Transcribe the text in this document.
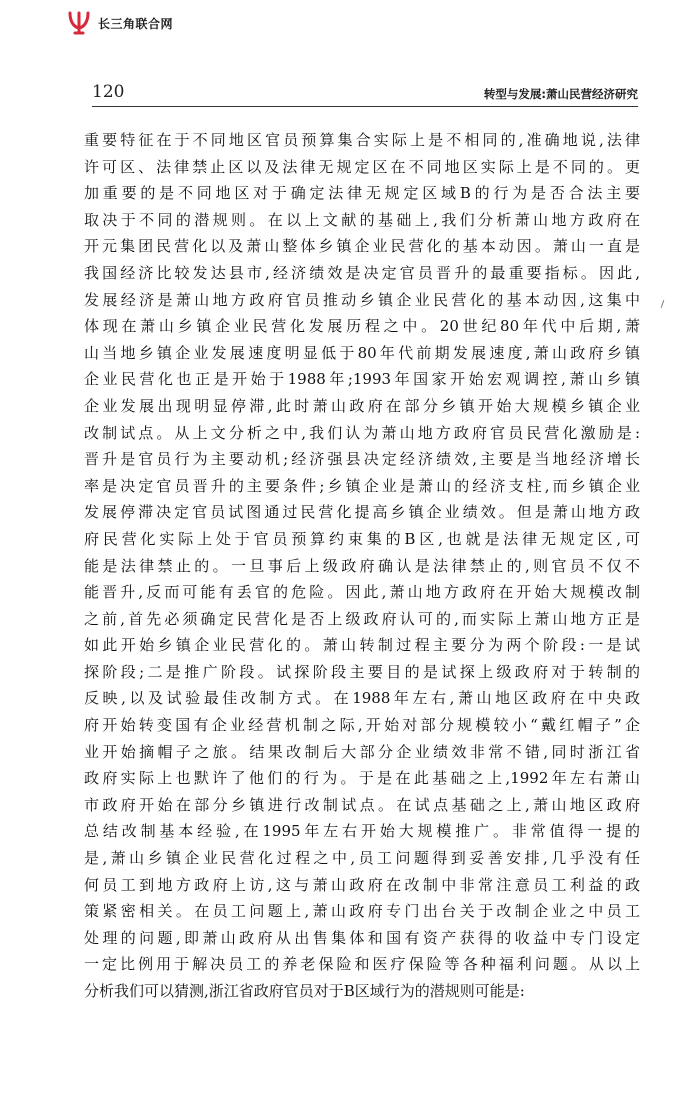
长三角联合网
120	转型与发展:萧山民营经济研究

重要特征在于不同地区官员预算集合实际上是不相同的,准确地说,法律
许可区、法律禁止区以及法律无规定区在不同地区实际上是不同的。更
加重要的是不同地区对于确定法律无规定区域B的行为是否合法主要
取决于不同的潜规则。在以上文献的基础上,我们分析萧山地方政府在
开元集团民营化以及萧山整体乡镇企业民营化的基本动因。萧山一直是
我国经济比较发达县市,经济绩效是决定官员晋升的最重要指标。因此,
发展经济是萧山地方政府官员推动乡镇企业民营化的基本动因,这集中
体现在萧山乡镇企业民营化发展历程之中。20世纪80年代中后期,萧
山当地乡镇企业发展速度明显低于80年代前期发展速度,萧山政府乡镇
企业民营化也正是开始于1988年;1993年国家开始宏观调控,萧山乡镇
企业发展出现明显停滞,此时萧山政府在部分乡镇开始大规模乡镇企业
改制试点。从上文分析之中,我们认为萧山地方政府官员民营化激励是:
晋升是官员行为主要动机;经济强县决定经济绩效,主要是当地经济增长
率是决定官员晋升的主要条件;乡镇企业是萧山的经济支柱,而乡镇企业
发展停滞决定官员试图通过民营化提高乡镇企业绩效。但是萧山地方政
府民营化实际上处于官员预算约束集的B区,也就是法律无规定区,可
能是法律禁止的。一旦事后上级政府确认是法律禁止的,则官员不仅不
能晋升,反而可能有丢官的危险。因此,萧山地方政府在开始大规模改制
之前,首先必须确定民营化是否上级政府认可的,而实际上萧山地方正是
如此开始乡镇企业民营化的。萧山转制过程主要分为两个阶段:一是试
探阶段;二是推广阶段。试探阶段主要目的是试探上级政府对于转制的
反映,以及试验最佳改制方式。在1988年左右,萧山地区政府在中央政
府开始转变国有企业经营机制之际,开始对部分规模较小“戴红帽子”企
业开始摘帽子之旅。结果改制后大部分企业绩效非常不错,同时浙江省
政府实际上也默许了他们的行为。于是在此基础之上,1992年左右萧山
市政府开始在部分乡镇进行改制试点。在试点基础之上,萧山地区政府
总结改制基本经验,在1995年左右开始大规模推广。非常值得一提的
是,萧山乡镇企业民营化过程之中,员工问题得到妥善安排,几乎没有任
何员工到地方政府上访,这与萧山政府在改制中非常注意员工利益的政
策紧密相关。在员工问题上,萧山政府专门出台关于改制企业之中员工
处理的问题,即萧山政府从出售集体和国有资产获得的收益中专门设定
一定比例用于解决员工的养老保险和医疗保险等各种福利问题。从以上
分析我们可以猜测,浙江省政府官员对于B区域行为的潜规则可能是:
